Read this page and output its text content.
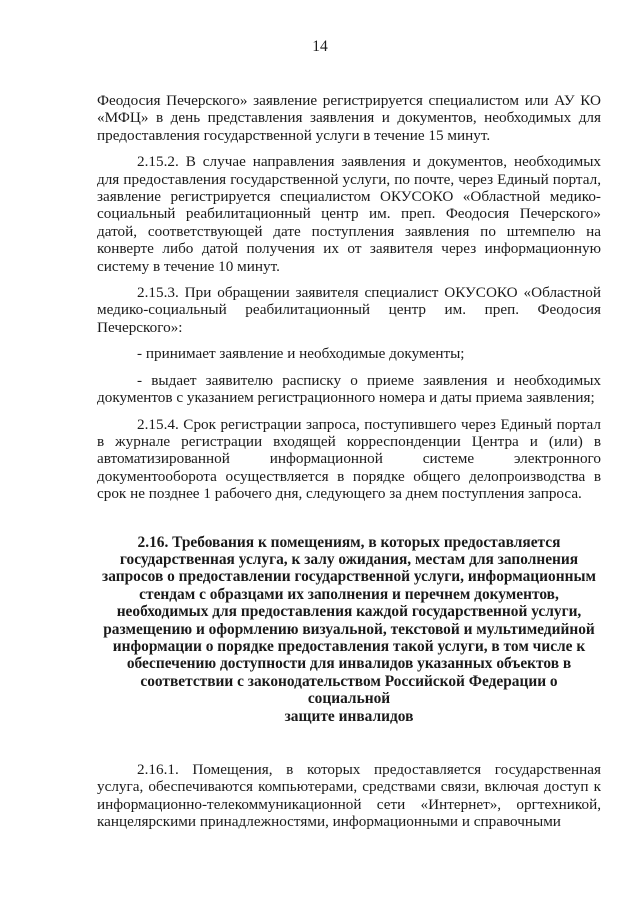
14

Феодосия Печерского» заявление регистрируется специалистом или АУ КО «МФЦ» в день представления заявления и документов, необходимых для предоставления государственной услуги в течение 15 минут.

2.15.2. В случае направления заявления и документов, необходимых для предоставления государственной услуги, по почте, через Единый портал, заявление регистрируется специалистом ОКУСОКО «Областной медико-социальный реабилитационный центр им. преп. Феодосия Печерского» датой, соответствующей дате поступления заявления по штемпелю на конверте либо датой получения их от заявителя через информационную систему в течение 10 минут.

2.15.3. При обращении заявителя специалист ОКУСОКО «Областной медико-социальный реабилитационный центр им. преп. Феодосия Печерского»:

- принимает заявление и необходимые документы;

- выдает заявителю расписку о приеме заявления и необходимых документов с указанием регистрационного номера и даты приема заявления;

2.15.4. Срок регистрации запроса, поступившего через Единый портал в журнале регистрации входящей корреспонденции Центра и (или) в автоматизированной информационной системе электронного документооборота осуществляется в порядке общего делопроизводства в срок не позднее 1 рабочего дня, следующего за днем поступления запроса.

2.16. Требования к помещениям, в которых предоставляется
государственная услуга, к залу ожидания, местам для заполнения
запросов о предоставлении государственной услуги, информационным
стендам с образцами их заполнения и перечнем документов,
необходимых для предоставления каждой государственной услуги,
размещению и оформлению визуальной, текстовой и мультимедийной
информации о порядке предоставления такой услуги, в том числе к
обеспечению доступности для инвалидов указанных объектов в
соответствии с законодательством Российской Федерации о социальной
защите инвалидов

2.16.1. Помещения, в которых предоставляется государственная услуга, обеспечиваются компьютерами, средствами связи, включая доступ к информационно-телекоммуникационной сети «Интернет», оргтехникой, канцелярскими принадлежностями, информационными и справочными
